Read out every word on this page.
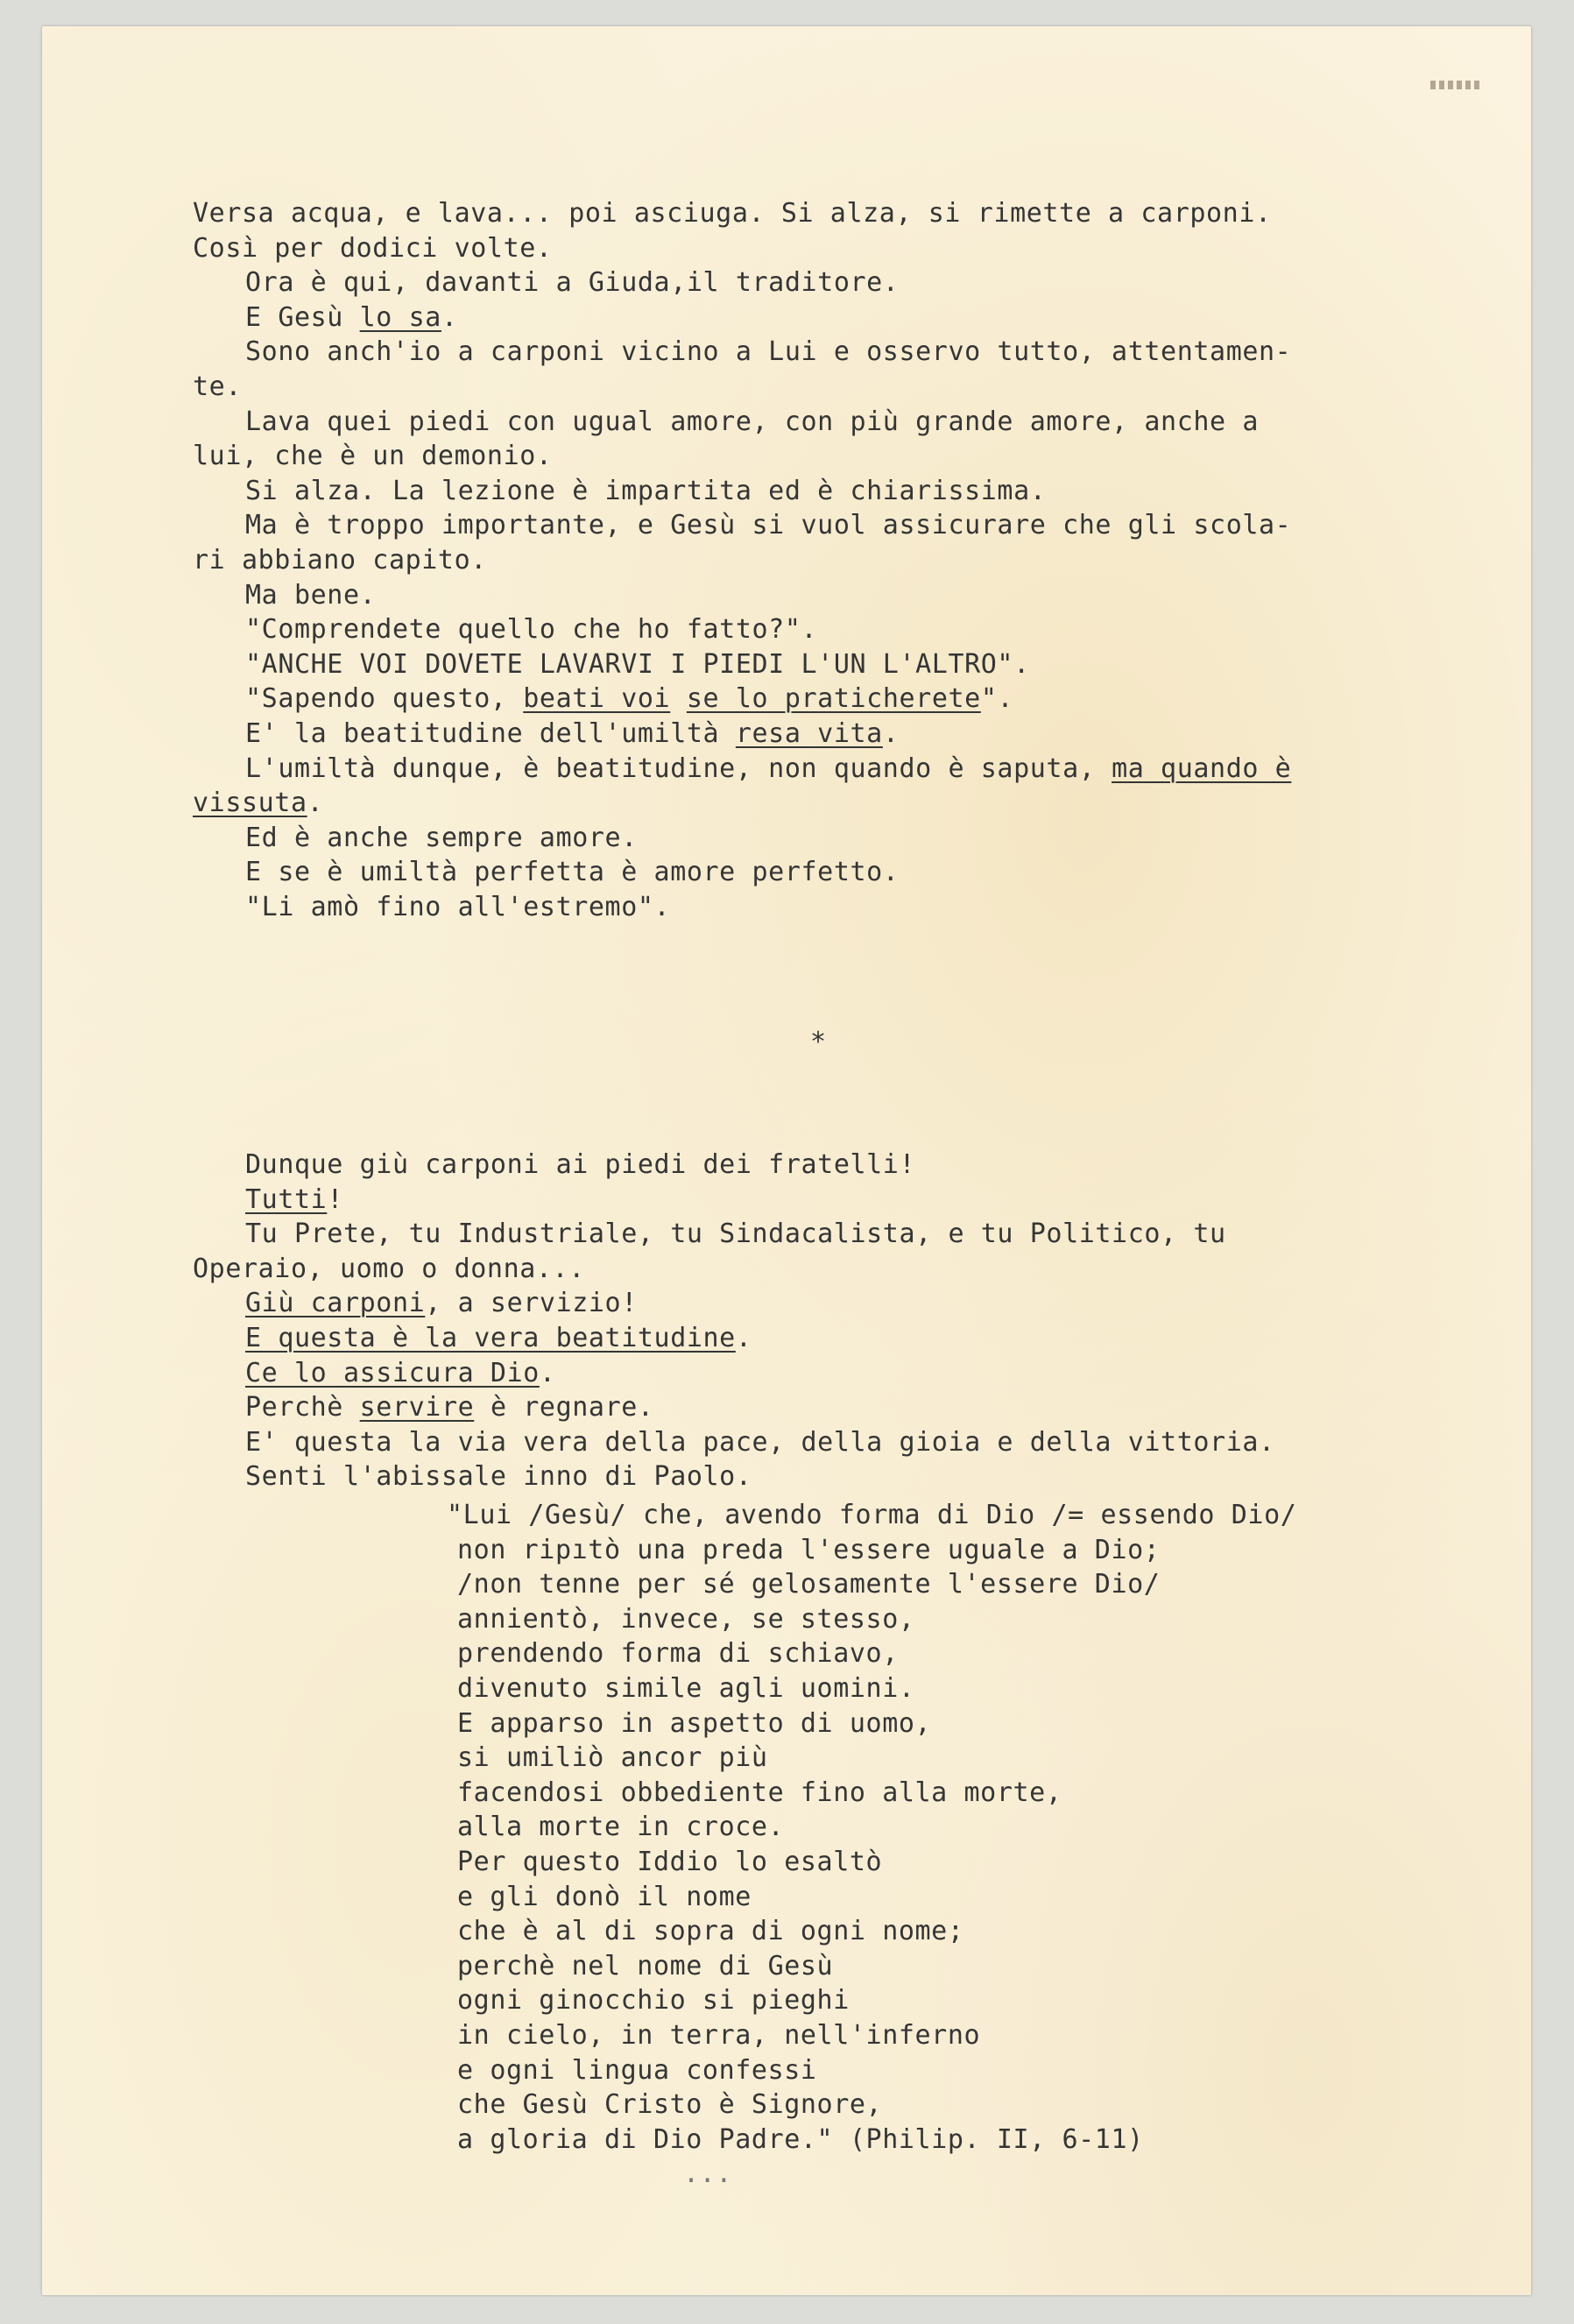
Versa acqua, e lava... poi asciuga. Si alza, si rimette a carponi.
Così per dodici volte.
Ora è qui, davanti a Giuda,il traditore.
E Gesù lo sa.
Sono anch'io a carponi vicino a Lui e osservo tutto, attentamen-
te.
Lava quei piedi con ugual amore, con più grande amore, anche a
lui, che è un demonio.
Si alza. La lezione è impartita ed è chiarissima.
Ma è troppo importante, e Gesù si vuol assicurare che gli scola-
ri abbiano capito.
Ma bene.
"Comprendete quello che ho fatto?".
"ANCHE VOI DOVETE LAVARVI I PIEDI L'UN L'ALTRO".
"Sapendo questo, beati voi se lo praticherete".
E' la beatitudine dell'umiltà resa vita.
L'umiltà dunque, è beatitudine, non quando è saputa, ma quando è
vissuta.
Ed è anche sempre amore.
E se è umiltà perfetta è amore perfetto.
"Li amò fino all'estremo".
*
Dunque giù carponi ai piedi dei fratelli!
Tutti!
Tu Prete, tu Industriale, tu Sindacalista, e tu Politico, tu
Operaio, uomo o donna...
Giù carponi, a servizio!
E questa è la vera beatitudine.
Ce lo assicura Dio.
Perchè servire è regnare.
E' questa la via vera della pace, della gioia e della vittoria.
Senti l'abissale inno di Paolo.
"Lui /Gesù/ che, avendo forma di Dio /= essendo Dio/
non ripıtò una preda l'essere uguale a Dio;
/non tenne per sé gelosamente l'essere Dio/
annientò, invece, se stesso,
prendendo forma di schiavo,
divenuto simile agli uomini.
E apparso in aspetto di uomo,
si umiliò ancor più
facendosi obbediente fino alla morte,
alla morte in croce.
Per questo Iddio lo esaltò
e gli donò il nome
che è al di sopra di ogni nome;
perchè nel nome di Gesù
ogni ginocchio si pieghi
in cielo, in terra, nell'inferno
e ogni lingua confessi
che Gesù Cristo è Signore,
a gloria di Dio Padre." (Philip. II, 6-11)
...
